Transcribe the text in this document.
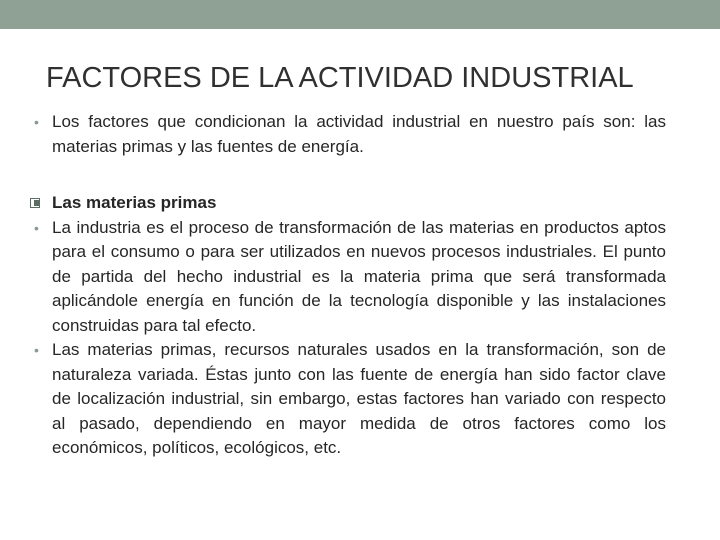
FACTORES DE LA ACTIVIDAD INDUSTRIAL
• Los factores que condicionan la actividad industrial en nuestro país son: las materias primas y las fuentes de energía.
Las materias primas
• La industria es el proceso de transformación de las materias en productos aptos para el consumo o para ser utilizados en nuevos procesos industriales. El punto de partida del hecho industrial es la materia prima que será transformada aplicándole energía en función de la tecnología disponible y las instalaciones construidas para tal efecto.
• Las materias primas, recursos naturales usados en la transformación, son de naturaleza variada. Éstas junto con las fuente de energía han sido factor clave de localización industrial, sin embargo, estas factores han variado con respecto al pasado, dependiendo en mayor medida de otros factores como los económicos, políticos, ecológicos, etc.
